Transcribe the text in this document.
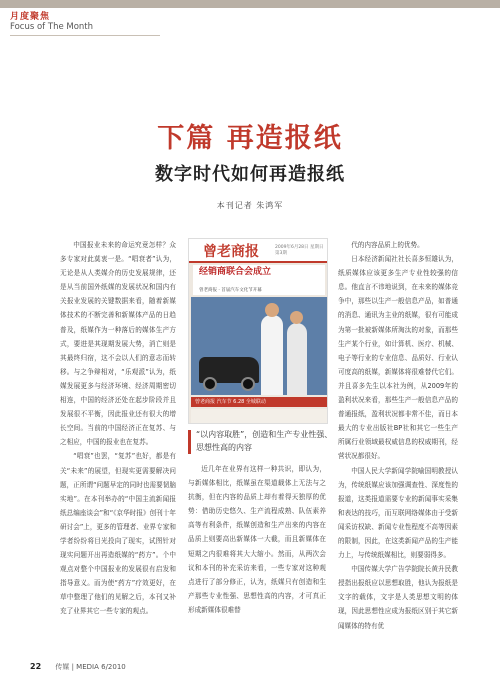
月度聚焦
Focus of The Month
下篇 再造报纸
数字时代如何再造报纸
本刊记者 朱鸿军

中国报业未来的命运究竟怎样？众多专家对此莫衷一是。“唱衰者”认为，无论是从人类媒介的历史发展规律，还是从当前国外纸媒的发展状况和国内有关报业发展的关键数据来看，随着新媒体技术的不断完善和新媒体产品的日趋普及，纸媒作为一种落后的媒体生产方式，要进是其现期发展大势，消亡则是其最终归宿，这不会以人们的意志而转移。与之争辩相对，“乐观派”认为，纸媒发展更多与经济环境、经济周期密切相连，中国的经济还处在起步阶段并且发展很不平衡，因此报业还有很大的增长空间。当前的中国经济正在复苏、与之相应，中国的报业也在复苏。

“唱衰”也罢，“复苏”也好，都是有关“未来”的展望，但现实更需要解决问题，正所谓“问题早定的同时也需要韧脑实地”。在本刊举办的“中国主流新闻报纸总编座谈会”和“《京华时报》创刊十年研讨会”上，更多的管理者、业界专家和学者纷纷将目光投向了现实，试图针对现实问题开出再造纸媒的“药方”。个中观点对整个中国报业的发展很有启发和指导意义。而为使“药方”疗效更好，在草中整理了他们的见解之后，本刊又补充了业界其它一些专家的观点。

曾老商报	2009年6月28日 星期日 第3期
经销商联合会成立
曾老商报 · 首届汽车文化节开幕
曾老商报 汽车节 6.28 全城联动
“以内容取胜”，创造和生产专业性强、思想性高的内容

近几年在业界有这样一种共识，即认为，与新媒体相比，纸媒虽在渠道载体上无法与之抗衡，但在内容的品质上却有着得天独厚的优势：借助历史悠久、生产流程成熟、队伍素养高等有利条件，纸媒创造和生产出来的内容在品质上则要高出新媒体一大截，而且新媒体在短期之内很难将其大大缩小。然而，从两次会议和本刊的补充采访来看，一些专家对这种观点进行了部分修正，认为，纸媒只有创造和生产那些专业性强、思想性高的内容，才可真正形成新媒体很难替

代的内容品质上的优势。

日本经济新闻社社长喜多恒雄认为，纸质媒体应该更多生产专业性较强的信息。他直言不讳地说到，在未来的媒体竞争中，那些以生产一般信息产品，如普通的消息、通讯为主业的纸媒，很有可能成为第一批被新媒体所淘汰的对象，而那些生产某个行业，如计算机、医疗、机械、电子等行业的专业信息、品质好、行业认可度高的纸媒，新媒体将很难替代它们。并且喜多先生以本社为例，从2009年的盈利状况来看，那些生产一般信息产品的普通报纸，盈利状况都非常不佳，而日本最大的专业出版社BP社和其它一些生产所属行业领域最权威信息的权威期刊，经营状况都很好。

中国人民大学新闻学院喻国明教授认为，传统纸媒应该加强调查性、深度性的报道，这类报道需要专业的新闻事实采集和表达的技巧，而互联网络媒体由于受新闻采访权缺、新闻专业性程度不高等因素的限制，因此，在这类新闻产品的生产能力上，与传统纸媒相比，则要弱得多。

中国传媒大学广告学院院长黄升民教授指出报纸应以思想取胜，他认为报纸是文字的载体，文字是人类思想文明的体现，因此思想性应成为报纸区别于其它新闻媒体的特有优

22 传媒 | MEDIA 6/2010
